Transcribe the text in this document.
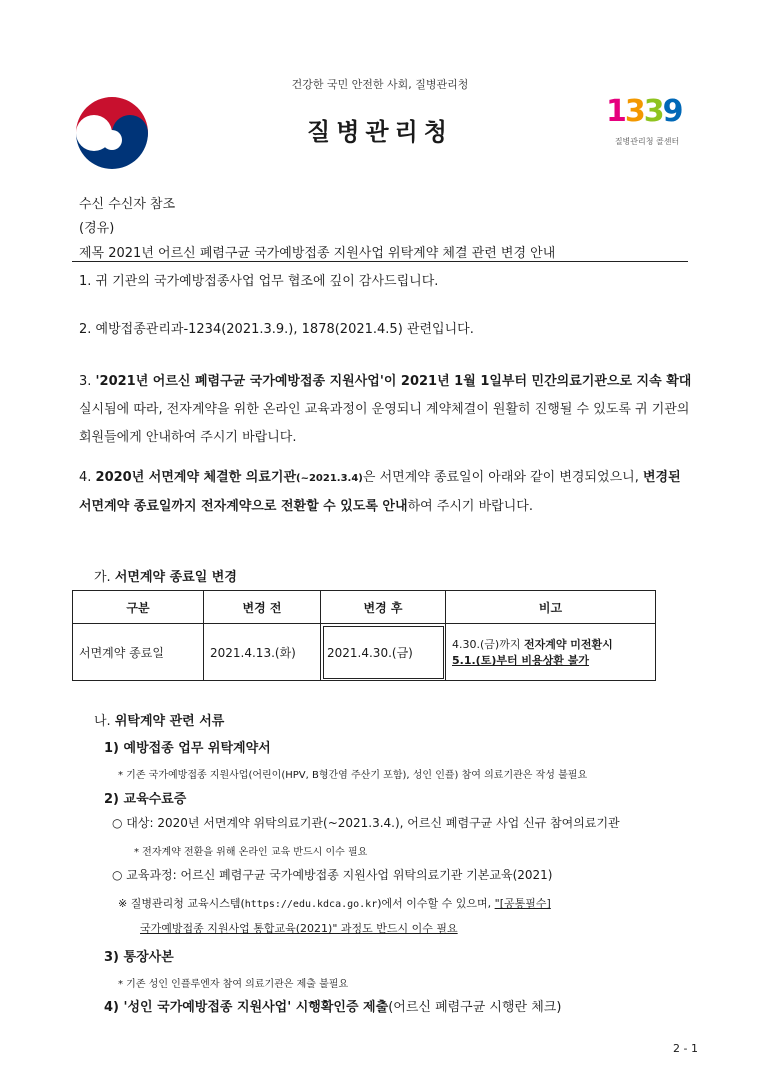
건강한 국민 안전한 사회, 질병관리청
질병관리청
1339
질병관리청 콜센터
수신 수신자 참조
(경유)
제목 2021년 어르신 폐렴구균 국가예방접종 지원사업 위탁계약 체결 관련 변경 안내
1. 귀 기관의 국가예방접종사업 업무 협조에 깊이 감사드립니다.
2. 예방접종관리과-1234(2021.3.9.), 1878(2021.4.5) 관련입니다.
3. '2021년 어르신 폐렴구균 국가예방접종 지원사업'이 2021년 1월 1일부터 민간의료기관으로 지속 확대 실시됨에 따라, 전자계약을 위한 온라인 교육과정이 운영되니 계약체결이 원활히 진행될 수 있도록 귀 기관의 회원들에게 안내하여 주시기 바랍니다.
4. 2020년 서면계약 체결한 의료기관(~2021.3.4)은 서면계약 종료일이 아래와 같이 변경되었으니, 변경된 서면계약 종료일까지 전자계약으로 전환할 수 있도록 안내하여 주시기 바랍니다.
가. 서면계약 종료일 변경
구분	변경 전	변경 후	비고
서면계약 종료일	2021.4.13.(화)	2021.4.30.(금)	4.30.(금)까지 전자계약 미전환시
5.1.(토)부터 비용상환 불가
나. 위탁계약 관련 서류
1) 예방접종 업무 위탁계약서
* 기존 국가예방접종 지원사업(어린이(HPV, B형간염 주산기 포함), 성인 인플) 참여 의료기관은 작성 불필요
2) 교육수료증
○ 대상: 2020년 서면계약 위탁의료기관(~2021.3.4.), 어르신 폐렴구균 사업 신규 참여의료기관
* 전자계약 전환을 위해 온라인 교육 반드시 이수 필요
○ 교육과정: 어르신 폐렴구균 국가예방접종 지원사업 위탁의료기관 기본교육(2021)
※ 질병관리청 교육시스템(https://edu.kdca.go.kr)에서 이수할 수 있으며, "[공통필수]
국가예방접종 지원사업 통합교육(2021)" 과정도 반드시 이수 필요
3) 통장사본
* 기존 성인 인플루엔자 참여 의료기관은 제출 불필요
4) '성인 국가예방접종 지원사업' 시행확인증 제출(어르신 폐렴구균 시행란 체크)
2 - 1
